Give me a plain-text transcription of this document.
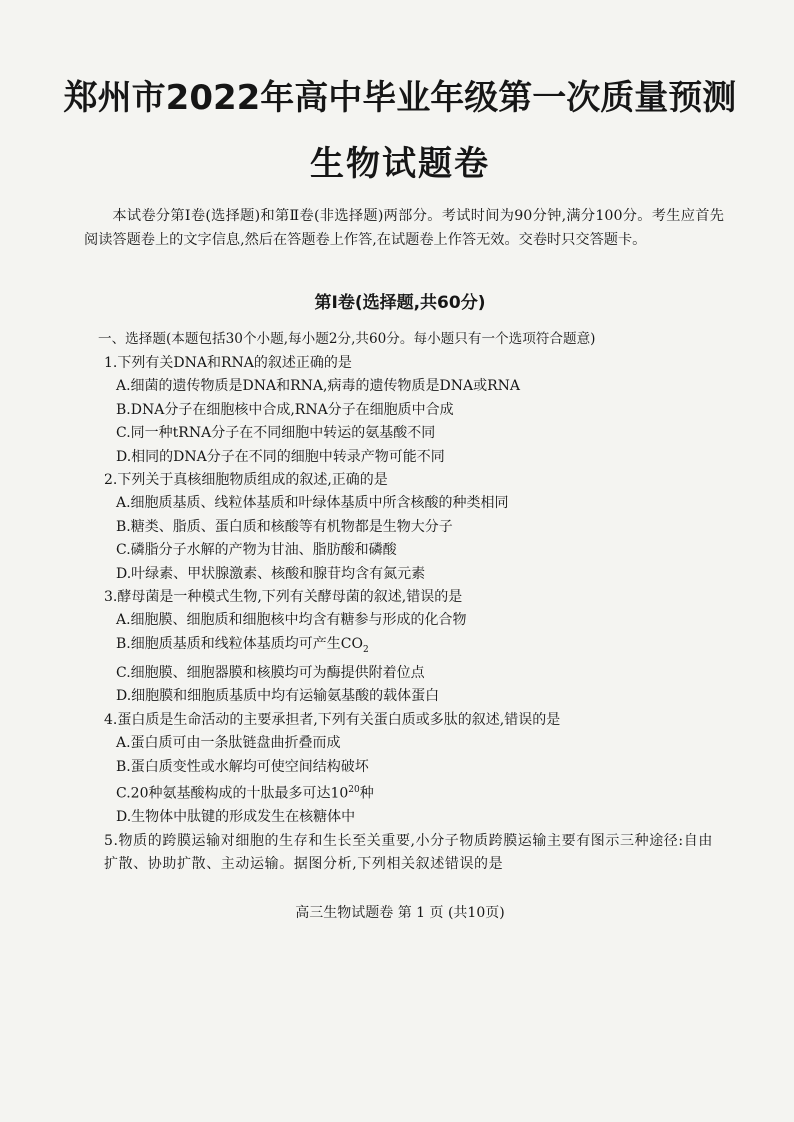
郑州市2022年高中毕业年级第一次质量预测
生物试题卷
本试卷分第Ⅰ卷(选择题)和第Ⅱ卷(非选择题)两部分。考试时间为90分钟,满分100分。考生应首先阅读答题卷上的文字信息,然后在答题卷上作答,在试题卷上作答无效。交卷时只交答题卡。
第Ⅰ卷(选择题,共60分)
一、选择题(本题包括30个小题,每小题2分,共60分。每小题只有一个选项符合题意)

1.下列有关DNA和RNA的叙述正确的是

A.细菌的遗传物质是DNA和RNA,病毒的遗传物质是DNA或RNA

B.DNA分子在细胞核中合成,RNA分子在细胞质中合成

C.同一种tRNA分子在不同细胞中转运的氨基酸不同

D.相同的DNA分子在不同的细胞中转录产物可能不同

2.下列关于真核细胞物质组成的叙述,正确的是

A.细胞质基质、线粒体基质和叶绿体基质中所含核酸的种类相同

B.糖类、脂质、蛋白质和核酸等有机物都是生物大分子

C.磷脂分子水解的产物为甘油、脂肪酸和磷酸

D.叶绿素、甲状腺激素、核酸和腺苷均含有氮元素

3.酵母菌是一种模式生物,下列有关酵母菌的叙述,错误的是

A.细胞膜、细胞质和细胞核中均含有糖参与形成的化合物

B.细胞质基质和线粒体基质均可产生$CO_2$

C.细胞膜、细胞器膜和核膜均可为酶提供附着位点

D.细胞膜和细胞质基质中均有运输氨基酸的载体蛋白

4.蛋白质是生命活动的主要承担者,下列有关蛋白质或多肽的叙述,错误的是

A.蛋白质可由一条肽链盘曲折叠而成

B.蛋白质变性或水解均可使空间结构破坏

C.20种氨基酸构成的十肽最多可达$10^{20}$种

D.生物体中肽键的形成发生在核糖体中

5.物质的跨膜运输对细胞的生存和生长至关重要,小分子物质跨膜运输主要有图示三种途径:自由扩散、协助扩散、主动运输。据图分析,下列相关叙述错误的是

高三生物试题卷 第 1 页 (共10页)
